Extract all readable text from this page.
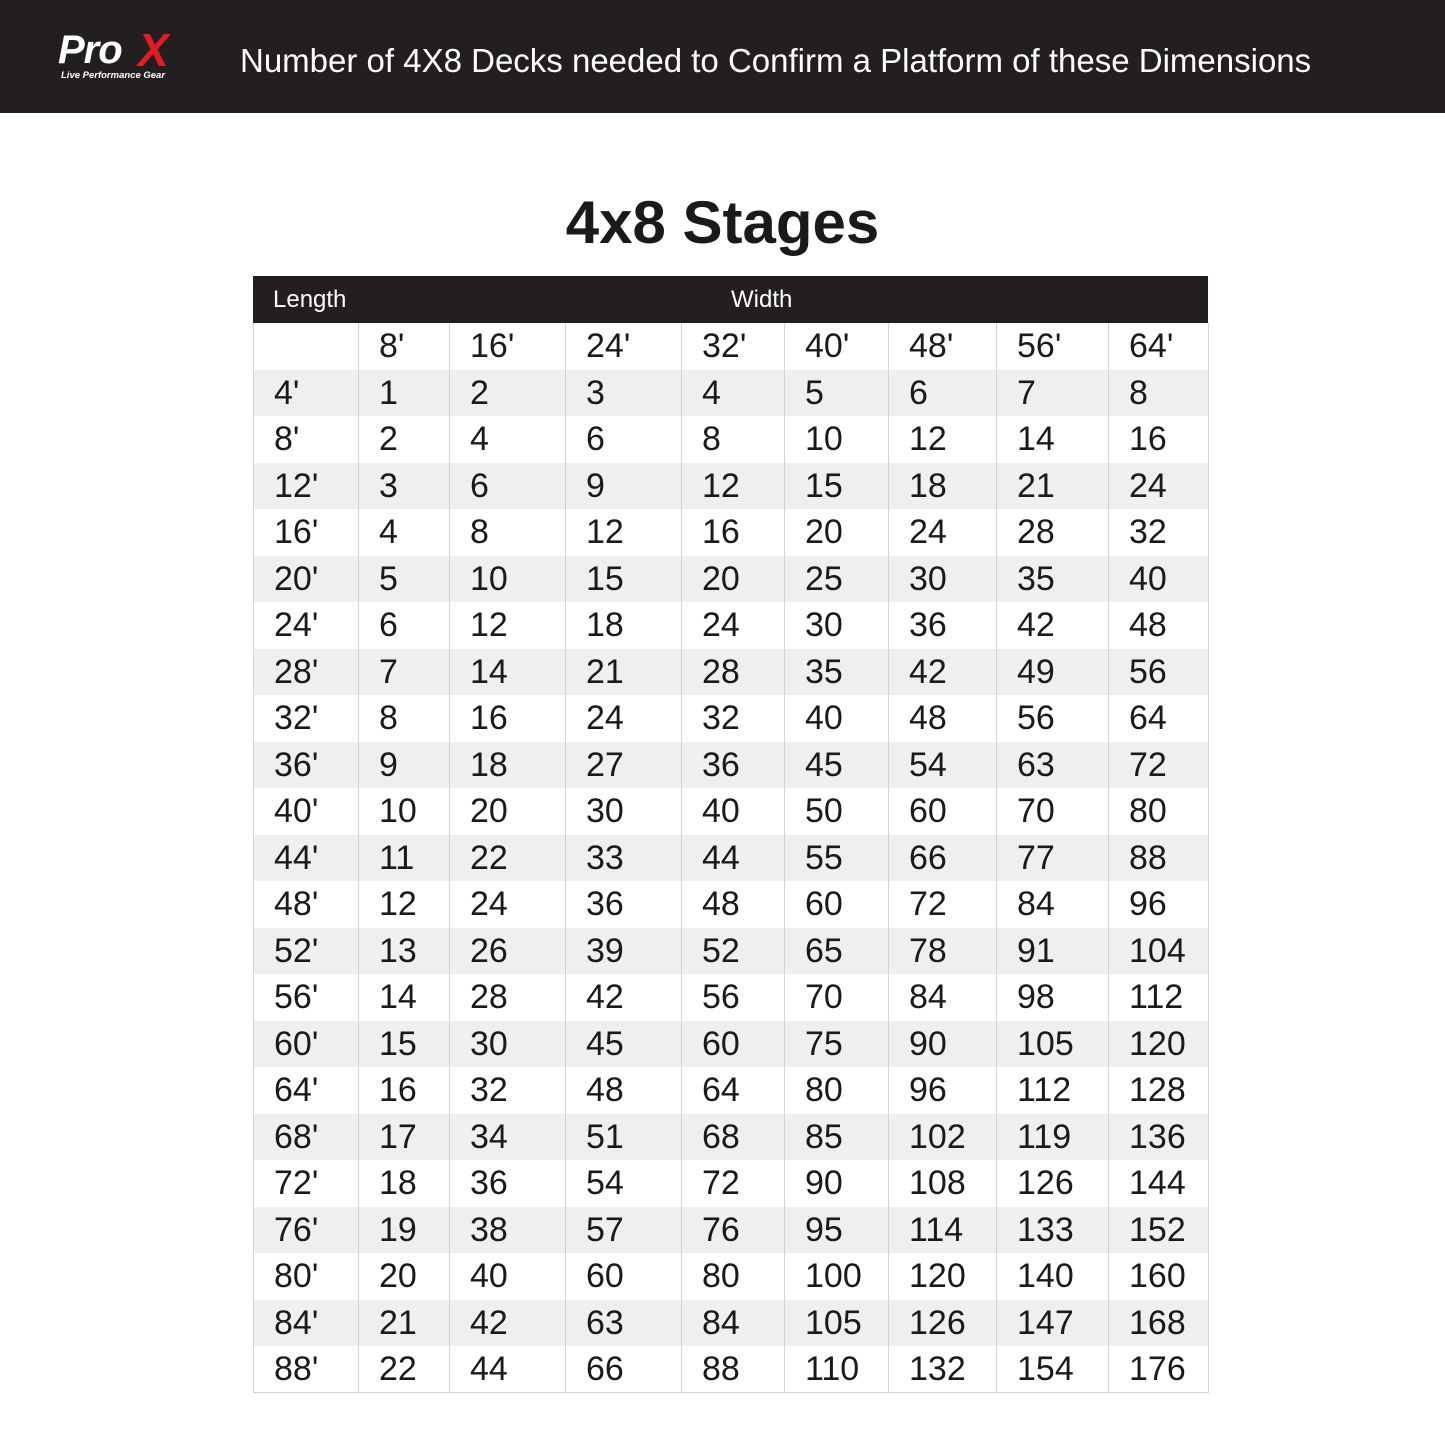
Pro X
Live Performance Gear Number of 4X8 Decks needed to Confirm a Platform of these Dimensions
4x8 Stages
Length	Width
	8'	16'	24'	32'	40'	48'	56'	64'
4'	1	2	3	4	5	6	7	8
8'	2	4	6	8	10	12	14	16
12'	3	6	9	12	15	18	21	24
16'	4	8	12	16	20	24	28	32
20'	5	10	15	20	25	30	35	40
24'	6	12	18	24	30	36	42	48
28'	7	14	21	28	35	42	49	56
32'	8	16	24	32	40	48	56	64
36'	9	18	27	36	45	54	63	72
40'	10	20	30	40	50	60	70	80
44'	11	22	33	44	55	66	77	88
48'	12	24	36	48	60	72	84	96
52'	13	26	39	52	65	78	91	104
56'	14	28	42	56	70	84	98	112
60'	15	30	45	60	75	90	105	120
64'	16	32	48	64	80	96	112	128
68'	17	34	51	68	85	102	119	136
72'	18	36	54	72	90	108	126	144
76'	19	38	57	76	95	114	133	152
80'	20	40	60	80	100	120	140	160
84'	21	42	63	84	105	126	147	168
88'	22	44	66	88	110	132	154	176
